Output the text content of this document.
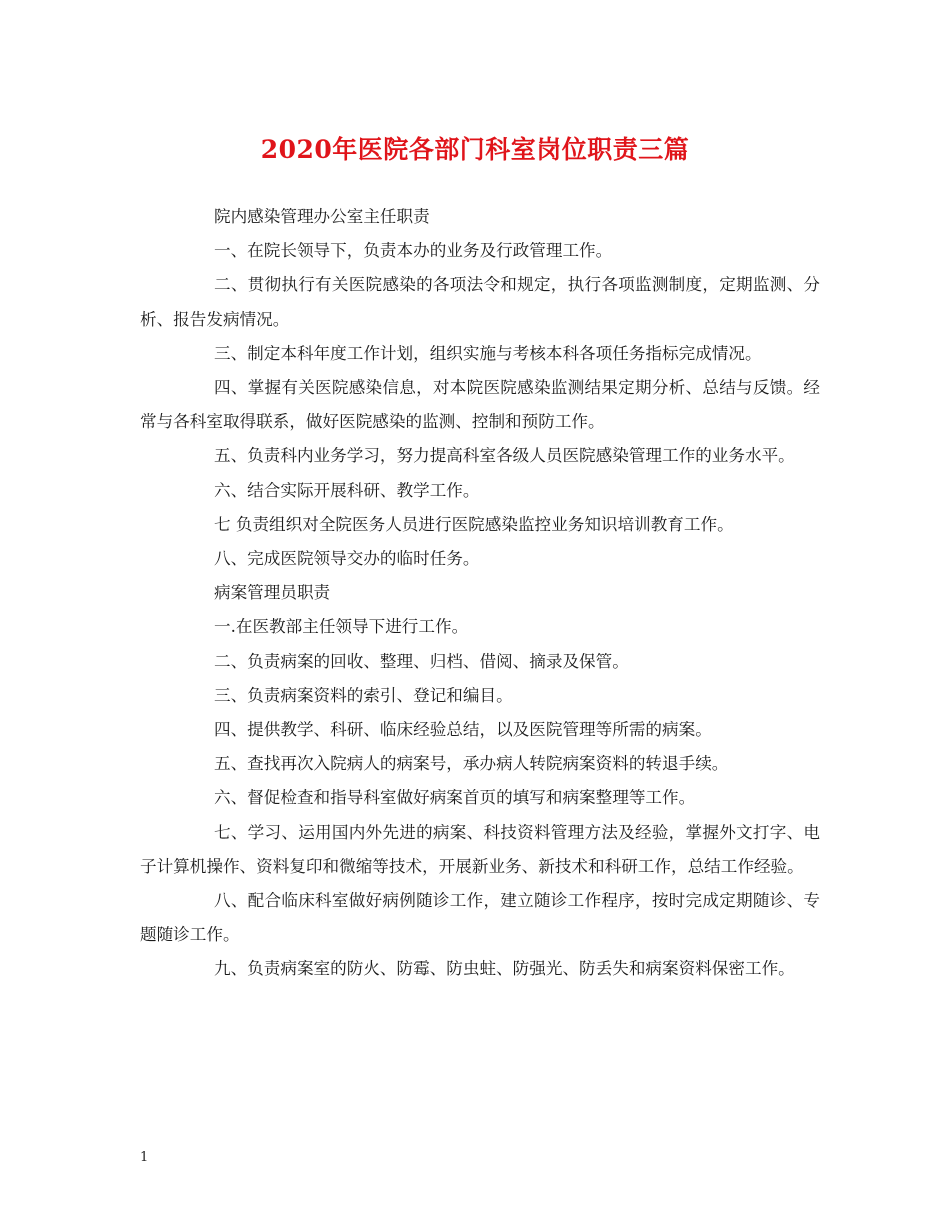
2020年医院各部门科室岗位职责三篇

院内感染管理办公室主任职责

一、在院长领导下，负责本办的业务及行政管理工作。

二、贯彻执行有关医院感染的各项法令和规定，执行各项监测制度，定期监测、分析、报告发病情况。

三、制定本科年度工作计划，组织实施与考核本科各项任务指标完成情况。

四、掌握有关医院感染信息，对本院医院感染监测结果定期分析、总结与反馈。经常与各科室取得联系，做好医院感染的监测、控制和预防工作。

五、负责科内业务学习，努力提高科室各级人员医院感染管理工作的业务水平。

六、结合实际开展科研、教学工作。

七 负责组织对全院医务人员进行医院感染监控业务知识培训教育工作。

八、完成医院领导交办的临时任务。

病案管理员职责

一.在医教部主任领导下进行工作。

二、负责病案的回收、整理、归档、借阅、摘录及保管。

三、负责病案资料的索引、登记和编目。

四、提供教学、科研、临床经验总结，以及医院管理等所需的病案。

五、查找再次入院病人的病案号，承办病人转院病案资料的转退手续。

六、督促检查和指导科室做好病案首页的填写和病案整理等工作。

七、学习、运用国内外先进的病案、科技资料管理方法及经验，掌握外文打字、电子计算机操作、资料复印和微缩等技术，开展新业务、新技术和科研工作，总结工作经验。

八、配合临床科室做好病例随诊工作，建立随诊工作程序，按时完成定期随诊、专题随诊工作。

九、负责病案室的防火、防霉、防虫蛀、防强光、防丢失和病案资料保密工作。

1
